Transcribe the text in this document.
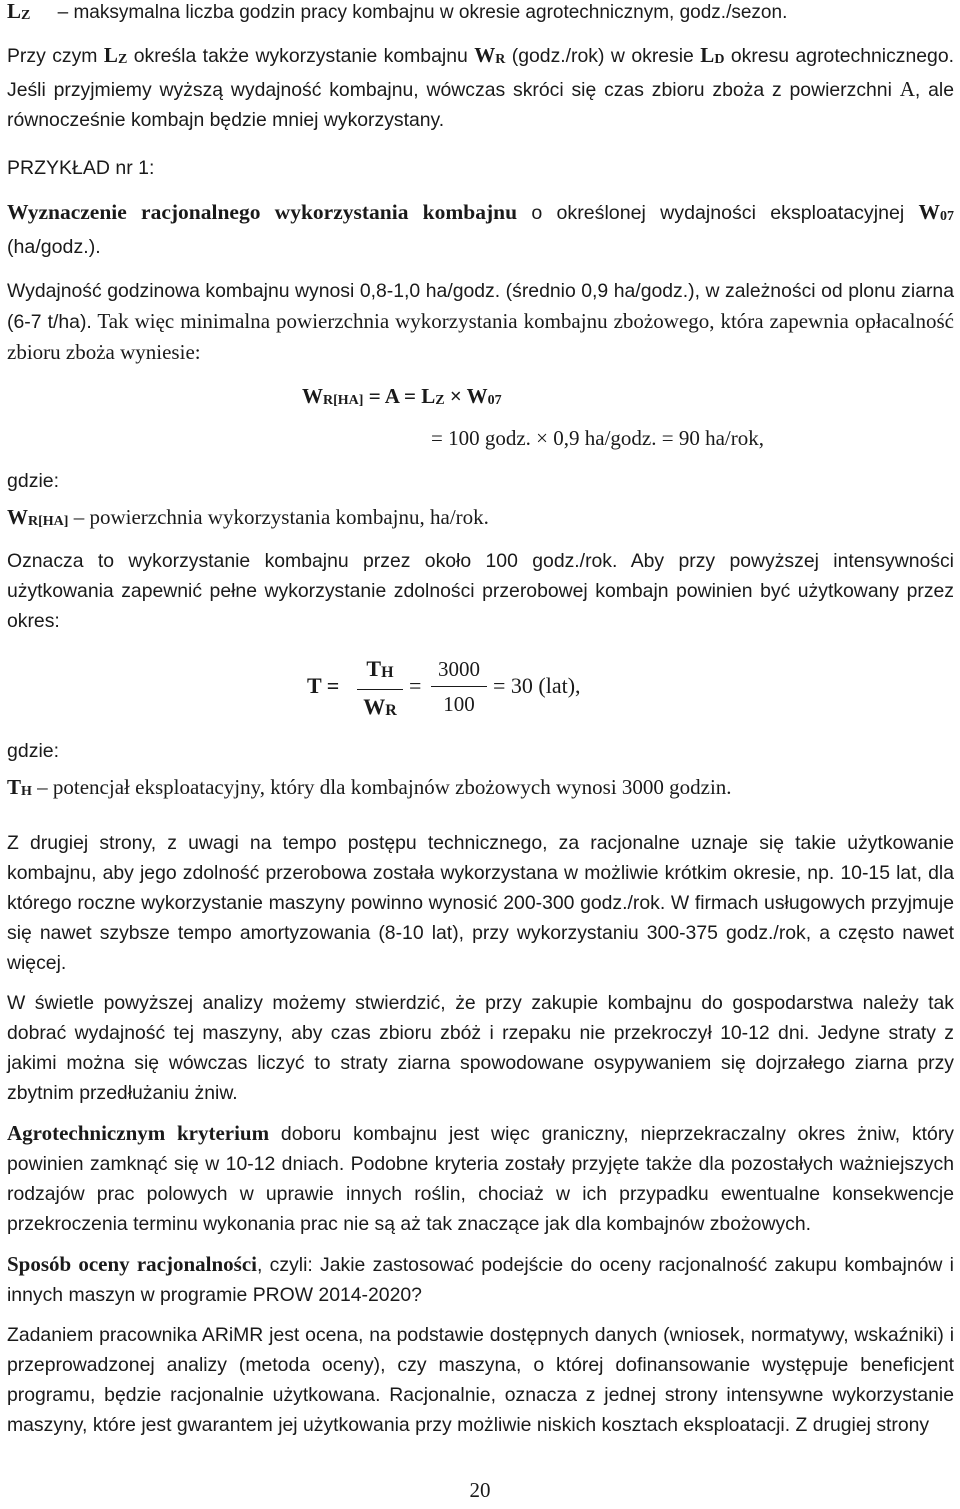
LZ – maksymalna liczba godzin pracy kombajnu w okresie agrotechnicznym, godz./sezon.

Przy czym LZ określa także wykorzystanie kombajnu WR (godz./rok) w okresie LD okresu agrotechnicznego. Jeśli przyjmiemy wyższą wydajność kombajnu, wówczas skróci się czas zbioru zboża z powierzchni A, ale równocześnie kombajn będzie mniej wykorzystany.

PRZYKŁAD nr 1:

Wyznaczenie racjonalnego wykorzystania kombajnu o określonej wydajności eksploatacyjnej W07 (ha/godz.).

Wydajność godzinowa kombajnu wynosi 0,8-1,0 ha/godz. (średnio 0,9 ha/godz.), w zależności od plonu ziarna (6-7 t/ha). Tak więc minimalna powierzchnia wykorzystania kombajnu zbożowego, która zapewnia opłacalność zbioru zboża wyniesie:

WR[HA] = A = LZ × W07
= 100 godz. × 0,9 ha/godz. = 90 ha/rok,

gdzie:

WR[HA] – powierzchnia wykorzystania kombajnu, ha/rok.

Oznacza to wykorzystanie kombajnu przez około 100 godz./rok. Aby przy powyższej intensywności użytkowania zapewnić pełne wykorzystanie zdolności przerobowej kombajn powinien być użytkowany przez okres:

T =
TH
WR
=
3000
100
= 30 (lat),

gdzie:

TH – potencjał eksploatacyjny, który dla kombajnów zbożowych wynosi 3000 godzin.

Z drugiej strony, z uwagi na tempo postępu technicznego, za racjonalne uznaje się takie użytkowanie kombajnu, aby jego zdolność przerobowa została wykorzystana w możliwie krótkim okresie, np. 10-15 lat, dla którego roczne wykorzystanie maszyny powinno wynosić 200-300 godz./rok. W firmach usługowych przyjmuje się nawet szybsze tempo amortyzowania (8-10 lat), przy wykorzystaniu 300-375 godz./rok, a często nawet więcej.

W świetle powyższej analizy możemy stwierdzić, że przy zakupie kombajnu do gospodarstwa należy tak dobrać wydajność tej maszyny, aby czas zbioru zbóż i rzepaku nie przekroczył 10-12 dni. Jedyne straty z jakimi można się wówczas liczyć to straty ziarna spowodowane osypywaniem się dojrzałego ziarna przy zbytnim przedłużaniu żniw.

Agrotechnicznym kryterium doboru kombajnu jest więc graniczny, nieprzekraczalny okres żniw, który powinien zamknąć się w 10-12 dniach. Podobne kryteria zostały przyjęte także dla pozostałych ważniejszych rodzajów prac polowych w uprawie innych roślin, chociaż w ich przypadku ewentualne konsekwencje przekroczenia terminu wykonania prac nie są aż tak znaczące jak dla kombajnów zbożowych.

Sposób oceny racjonalności, czyli: Jakie zastosować podejście do oceny racjonalność zakupu kombajnów i innych maszyn w programie PROW 2014-2020?

Zadaniem pracownika ARiMR jest ocena, na podstawie dostępnych danych (wniosek, normatywy, wskaźniki) i przeprowadzonej analizy (metoda oceny), czy maszyna, o której dofinansowanie występuje beneficjent programu, będzie racjonalnie użytkowana. Racjonalnie, oznacza z jednej strony intensywne wykorzystanie maszyny, które jest gwarantem jej użytkowania przy możliwie niskich kosztach eksploatacji. Z drugiej strony

20
